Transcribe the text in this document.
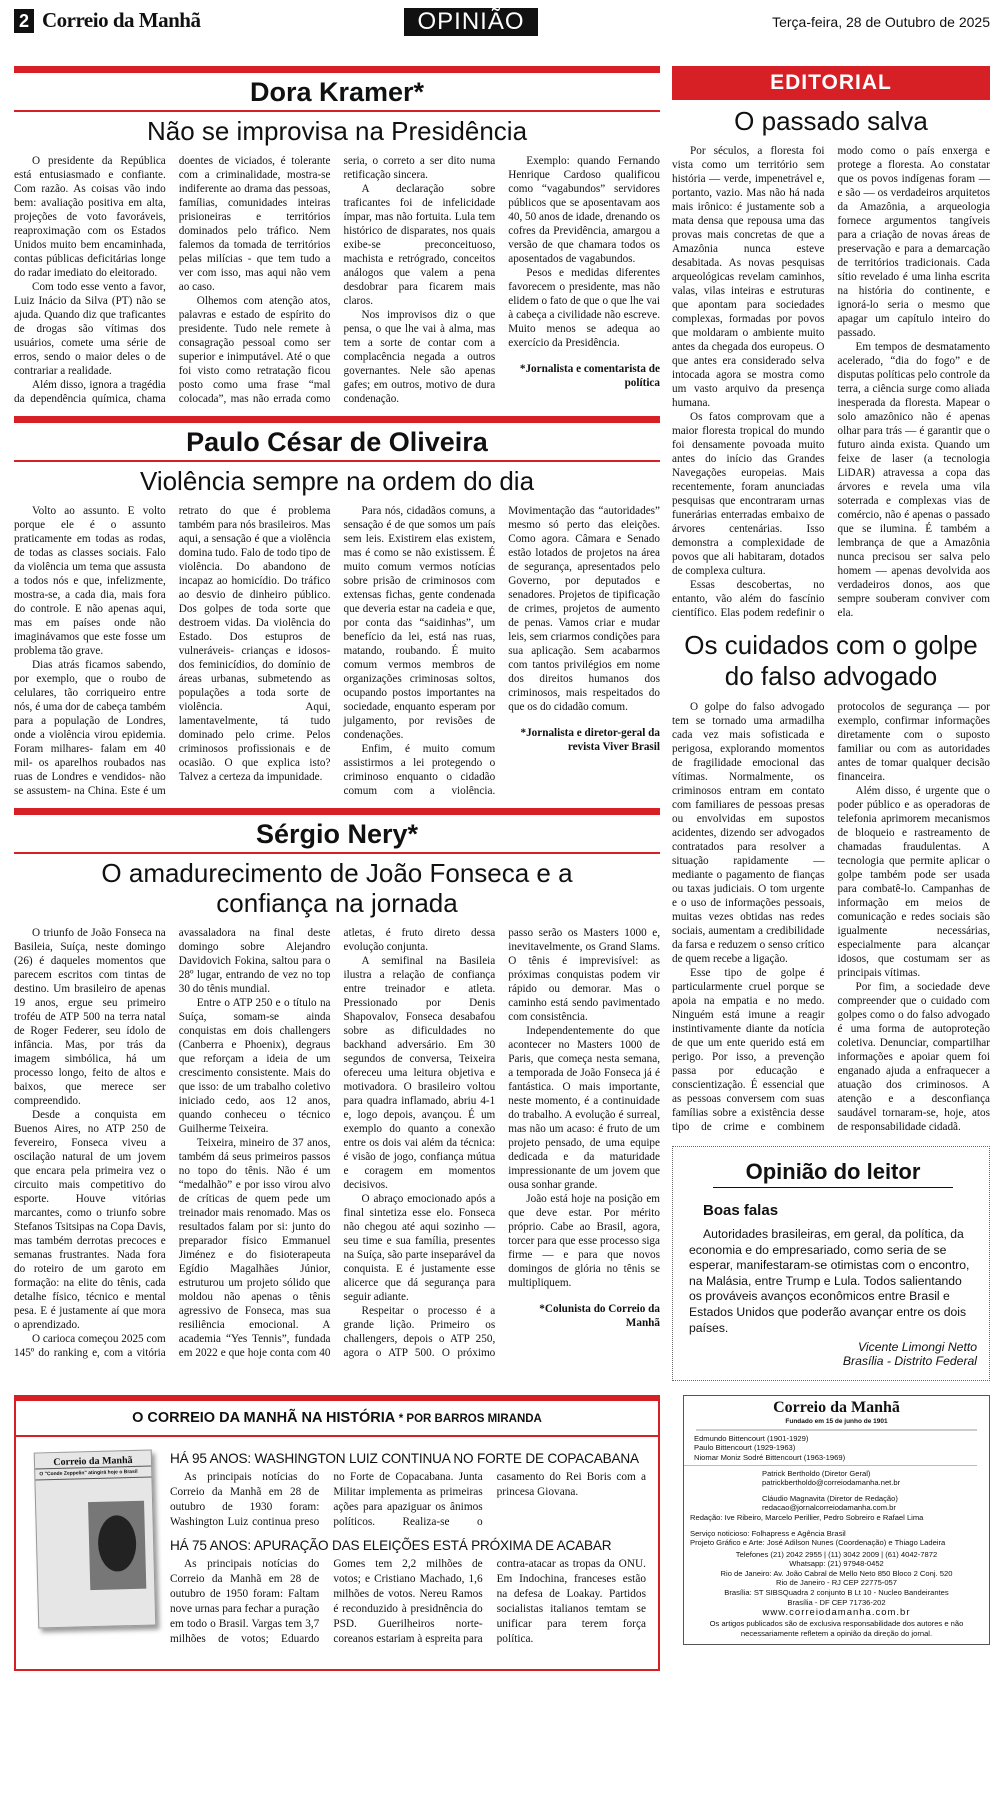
2 Correio da Manhã	OPINIÃO	Terça-feira, 28 de Outubro de 2025
Dora Kramer*
Não se improvisa na Presidência

O presidente da República está entusiasmado e confiante. Com razão. As coisas vão indo bem: avaliação positiva em alta, projeções de voto favoráveis, reaproximação com os Estados Unidos muito bem encaminhada, contas públicas deficitárias longe do radar imediato do eleitorado.

Com todo esse vento a favor, Luiz Inácio da Silva (PT) não se ajuda. Quando diz que traficantes de drogas são vítimas dos usuários, comete uma série de erros, sendo o maior deles o de contrariar a realidade.

Além disso, ignora a tragédia da dependência química, chama doentes de viciados, é tolerante com a criminalidade, mostra-se indiferente ao drama das pessoas, famílias, comunidades inteiras prisioneiras e territórios dominados pelo tráfico. Nem falemos da tomada de territórios pelas milícias - que tem tudo a ver com isso, mas aqui não vem ao caso.

Olhemos com atenção atos, palavras e estado de espírito do presidente. Tudo nele remete à consagração pessoal como ser superior e inimputável. Até o que foi visto como retratação ficou posto como uma frase “mal colocada”, mas não errada como seria, o correto a ser dito numa retificação sincera.

A declaração sobre traficantes foi de infelicidade ímpar, mas não fortuita. Lula tem histórico de disparates, nos quais exibe-se preconceituoso, machista e retrógrado, conceitos análogos que valem a pena desdobrar para ficarem mais claros.

Nos improvisos diz o que pensa, o que lhe vai à alma, mas tem a sorte de contar com a complacência negada a outros governantes. Nele são apenas gafes; em outros, motivo de dura condenação.

Exemplo: quando Fernando Henrique Cardoso qualificou como “vagabundos” servidores públicos que se aposentavam aos 40, 50 anos de idade, drenando os cofres da Previdência, amargou a versão de que chamara todos os aposentados de vagabundos.

Pesos e medidas diferentes favorecem o presidente, mas não elidem o fato de que o que lhe vai à cabeça a civilidade não escreve. Muito menos se adequa ao exercício da Presidência.

*Jornalista e comentarista de política

Paulo César de Oliveira
Violência sempre na ordem do dia

Volto ao assunto. E volto porque ele é o assunto praticamente em todas as rodas, de todas as classes sociais. Falo da violência um tema que assusta a todos nós e que, infelizmente, mostra-se, a cada dia, mais fora do controle. E não apenas aqui, mas em países onde não imaginávamos que este fosse um problema tão grave.

Dias atrás ficamos sabendo, por exemplo, que o roubo de celulares, tão corriqueiro entre nós, é uma dor de cabeça também para a população de Londres, onde a violência virou epidemia. Foram milhares- falam em 40 mil- os aparelhos roubados nas ruas de Londres e vendidos- não se assustem- na China. Este é um retrato do que é problema também para nós brasileiros. Mas aqui, a sensação é que a violência domina tudo. Falo de todo tipo de violência. Do abandono de incapaz ao homicídio. Do tráfico ao desvio de dinheiro público. Dos golpes de toda sorte que destroem vidas. Da violência do Estado. Dos estupros de vulneráveis- crianças e idosos- dos feminicídios, do domínio de áreas urbanas, submetendo as populações a toda sorte de violência. Aqui, lamentavelmente, tá tudo dominado pelo crime. Pelos criminosos profissionais e de ocasião. O que explica isto? Talvez a certeza da impunidade.

Para nós, cidadãos comuns, a sensação é de que somos um país sem leis. Existirem elas existem, mas é como se não existissem. É muito comum vermos notícias sobre prisão de criminosos com extensas fichas, gente condenada que deveria estar na cadeia e que, por conta das “saidinhas”, um benefício da lei, está nas ruas, matando, roubando. É muito comum vermos membros de organizações criminosas soltos, ocupando postos importantes na sociedade, enquanto esperam por julgamento, por revisões de condenações.

Enfim, é muito comum assistirmos a lei protegendo o criminoso enquanto o cidadão comum com a violência. Movimentação das “autoridades” mesmo só perto das eleições. Como agora. Câmara e Senado estão lotados de projetos na área de segurança, apresentados pelo Governo, por deputados e senadores. Projetos de tipificação de crimes, projetos de aumento de penas. Vamos criar e mudar leis, sem criarmos condições para sua aplicação. Sem acabarmos com tantos privilégios em nome dos direitos humanos dos criminosos, mais respeitados do que os do cidadão comum.

*Jornalista e diretor-geral da revista Viver Brasil

Sérgio Nery*
O amadurecimento de João Fonseca e a confiança na jornada

O triunfo de João Fonseca na Basileia, Suíça, neste domingo (26) é daqueles momentos que parecem escritos com tintas de destino. Um brasileiro de apenas 19 anos, ergue seu primeiro troféu de ATP 500 na terra natal de Roger Federer, seu ídolo de infância. Mas, por trás da imagem simbólica, há um processo longo, feito de altos e baixos, que merece ser compreendido.

Desde a conquista em Buenos Aires, no ATP 250 de fevereiro, Fonseca viveu a oscilação natural de um jovem que encara pela primeira vez o circuito mais competitivo do esporte. Houve vitórias marcantes, como o triunfo sobre Stefanos Tsitsipas na Copa Davis, mas também derrotas precoces e semanas frustrantes. Nada fora do roteiro de um garoto em formação: na elite do tênis, cada detalhe físico, técnico e mental pesa. E é justamente aí que mora o aprendizado.

O carioca começou 2025 com 145º do ranking e, com a vitória avassaladora na final deste domingo sobre Alejandro Davidovich Fokina, saltou para o 28º lugar, entrando de vez no top 30 do tênis mundial.

Entre o ATP 250 e o título na Suíça, somam-se ainda conquistas em dois challengers (Canberra e Phoenix), degraus que reforçam a ideia de um crescimento consistente. Mais do que isso: de um trabalho coletivo iniciado cedo, aos 12 anos, quando conheceu o técnico Guilherme Teixeira.

Teixeira, mineiro de 37 anos, também dá seus primeiros passos no topo do tênis. Não é um “medalhão” e por isso virou alvo de críticas de quem pede um treinador mais renomado. Mas os resultados falam por si: junto do preparador físico Emmanuel Jiménez e do fisioterapeuta Egídio Magalhães Júnior, estruturou um projeto sólido que moldou não apenas o tênis agressivo de Fonseca, mas sua resiliência emocional. A academia “Yes Tennis”, fundada em 2022 e que hoje conta com 40 atletas, é fruto direto dessa evolução conjunta.

A semifinal na Basileia ilustra a relação de confiança entre treinador e atleta. Pressionado por Denis Shapovalov, Fonseca desabafou sobre as dificuldades no backhand adversário. Em 30 segundos de conversa, Teixeira ofereceu uma leitura objetiva e motivadora. O brasileiro voltou para quadra inflamado, abriu 4-1 e, logo depois, avançou. É um exemplo do quanto a conexão entre os dois vai além da técnica: é visão de jogo, confiança mútua e coragem em momentos decisivos.

O abraço emocionado após a final sintetiza esse elo. Fonseca não chegou até aqui sozinho — seu time e sua família, presentes na Suíça, são parte inseparável da conquista. E é justamente esse alicerce que dá segurança para seguir adiante.

Respeitar o processo é a grande lição. Primeiro os challengers, depois o ATP 250, agora o ATP 500. O próximo passo serão os Masters 1000 e, inevitavelmente, os Grand Slams. O tênis é imprevisível: as próximas conquistas podem vir rápido ou demorar. Mas o caminho está sendo pavimentado com consistência.

Independentemente do que acontecer no Masters 1000 de Paris, que começa nesta semana, a temporada de João Fonseca já é fantástica. O mais importante, neste momento, é a continuidade do trabalho. A evolução é surreal, mas não um acaso: é fruto de um projeto pensado, de uma equipe dedicada e da maturidade impressionante de um jovem que ousa sonhar grande.

João está hoje na posição em que deve estar. Por mérito próprio. Cabe ao Brasil, agora, torcer para que esse processo siga firme — e para que novos domingos de glória no tênis se multipliquem.

*Colunista do Correio da Manhã

EDITORIAL
O passado salva

Por séculos, a floresta foi vista como um território sem história — verde, impenetrável e, portanto, vazio. Mas não há nada mais irônico: é justamente sob a mata densa que repousa uma das provas mais concretas de que a Amazônia nunca esteve desabitada. As novas pesquisas arqueológicas revelam caminhos, valas, vilas inteiras e estruturas que apontam para sociedades complexas, formadas por povos que moldaram o ambiente muito antes da chegada dos europeus. O que antes era considerado selva intocada agora se mostra como um vasto arquivo da presença humana.

Os fatos comprovam que a maior floresta tropical do mundo foi densamente povoada muito antes do início das Grandes Navegações europeias. Mais recentemente, foram anunciadas pesquisas que encontraram urnas funerárias enterradas embaixo de árvores centenárias. Isso demonstra a complexidade de povos que ali habitaram, dotados de complexa cultura.

Essas descobertas, no entanto, vão além do fascínio científico. Elas podem redefinir o modo como o país enxerga e protege a floresta. Ao constatar que os povos indígenas foram — e são — os verdadeiros arquitetos da Amazônia, a arqueologia fornece argumentos tangíveis para a criação de novas áreas de preservação e para a demarcação de territórios tradicionais. Cada sítio revelado é uma linha escrita na história do continente, e ignorá-lo seria o mesmo que apagar um capítulo inteiro do passado.

Em tempos de desmatamento acelerado, “dia do fogo” e de disputas políticas pelo controle da terra, a ciência surge como aliada inesperada da floresta. Mapear o solo amazônico não é apenas olhar para trás — é garantir que o futuro ainda exista. Quando um feixe de laser (a tecnologia LiDAR) atravessa a copa das árvores e revela uma vila soterrada e complexas vias de comércio, não é apenas o passado que se ilumina. É também a lembrança de que a Amazônia nunca precisou ser salva pelo homem — apenas devolvida aos verdadeiros donos, aos que sempre souberam conviver com ela.

Os cuidados com o golpe do falso advogado

O golpe do falso advogado tem se tornado uma armadilha cada vez mais sofisticada e perigosa, explorando momentos de fragilidade emocional das vítimas. Normalmente, os criminosos entram em contato com familiares de pessoas presas ou envolvidas em supostos acidentes, dizendo ser advogados contratados para resolver a situação rapidamente — mediante o pagamento de fianças ou taxas judiciais. O tom urgente e o uso de informações pessoais, muitas vezes obtidas nas redes sociais, aumentam a credibilidade da farsa e reduzem o senso crítico de quem recebe a ligação.

Esse tipo de golpe é particularmente cruel porque se apoia na empatia e no medo. Ninguém está imune a reagir instintivamente diante da notícia de que um ente querido está em perigo. Por isso, a prevenção passa por educação e conscientização. É essencial que as pessoas conversem com suas famílias sobre a existência desse tipo de crime e combinem protocolos de segurança — por exemplo, confirmar informações diretamente com o suposto familiar ou com as autoridades antes de tomar qualquer decisão financeira.

Além disso, é urgente que o poder público e as operadoras de telefonia aprimorem mecanismos de bloqueio e rastreamento de chamadas fraudulentas. A tecnologia que permite aplicar o golpe também pode ser usada para combatê-lo. Campanhas de informação em meios de comunicação e redes sociais são igualmente necessárias, especialmente para alcançar idosos, que costumam ser as principais vítimas.

Por fim, a sociedade deve compreender que o cuidado com golpes como o do falso advogado é uma forma de autoproteção coletiva. Denunciar, compartilhar informações e apoiar quem foi enganado ajuda a enfraquecer a atuação dos criminosos. A atenção e a desconfiança saudável tornaram-se, hoje, atos de responsabilidade cidadã.

Opinião do leitor
Boas falas
Autoridades brasileiras, em geral, da política, da economia e do empresariado, como seria de se esperar, manifestaram-se otimistas com o encontro, na Malásia, entre Trump e Lula. Todos salientando os prováveis avanços econômicos entre Brasil e Estados Unidos que poderão avançar entre os dois países.
Vicente Limongi Netto
Brasília - Distrito Federal
O CORREIO DA MANHÃ NA HISTÓRIA * POR BARROS MIRANDA
Correio da Manhã
O "Conde Zeppelin" atingirá hoje o Brasil
HÁ 95 ANOS: WASHINGTON LUIZ CONTINUA NO FORTE DE COPACABANA
As principais notícias do Correio da Manhã em 28 de outubro de 1930 foram: Washington Luiz continua preso no Forte de Copacabana. Junta Militar implementa as primeiras ações para apaziguar os ânimos políticos. Realiza-se o casamento do Rei Boris com a princesa Giovana.
HÁ 75 ANOS: APURAÇÃO DAS ELEIÇÕES ESTÁ PRÓXIMA DE ACABAR
As principais notícias do Correio da Manhã em 28 de outubro de 1950 foram: Faltam nove urnas para fechar a puração em todo o Brasil. Vargas tem 3,7 milhões de votos; Eduardo Gomes tem 2,2 milhões de votos; e Cristiano Machado, 1,6 milhões de votos. Nereu Ramos é reconduzido à presidnência do PSD. Guerilheiros norte-coreanos estariam à espreita para contra-atacar as tropas da ONU. Em Indochina, franceses estão na defesa de Loakay. Partidos socialistas italianos temtam se unificar para terem força política.
Correio da Manhã
Fundado em 15 de junho de 1901
Edmundo Bittencourt (1901-1929)
Paulo Bittencourt (1929-1963)
Niomar Moniz Sodré Bittencourt (1963-1969)
Patrick Bertholdo (Diretor Geral)
patrickbertholdo@correiodamanha.net.br
Cláudio Magnavita (Diretor de Redação)
redacao@jornalcorreiodamanha.com.br
Redação: Ive Ribeiro, Marcelo Perillier, Pedro Sobreiro e Rafael Lima
Serviço noticioso: Folhapress e Agência Brasil
Projeto Gráfico e Arte: José Adilson Nunes (Coordenação) e Thiago Ladeira
Telefones (21) 2042 2955 | (11) 3042 2009 | (61) 4042-7872
Whatsapp: (21) 97948-0452
Rio de Janeiro: Av. João Cabral de Mello Neto 850 Bloco 2 Conj. 520
Rio de Janeiro - RJ CEP 22775-057
Brasília: ST SIBSQuadra 2 conjunto B Lt 10 - Nucleo Bandeirantes
Brasília - DF CEP 71736-202
www.correiodamanha.com.br
Os artigos publicados são de exclusiva responsabilidade dos autores e não necessariamente refletem a opinião da direção do jornal.
